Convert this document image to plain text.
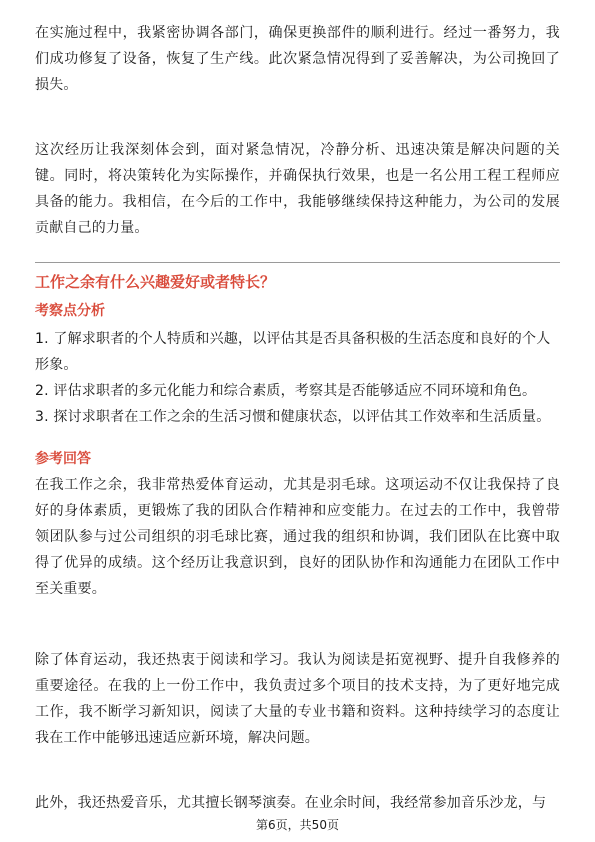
在实施过程中，我紧密协调各部门，确保更换部件的顺利进行。经过一番努力，我们成功修复了设备，恢复了生产线。此次紧急情况得到了妥善解决，为公司挽回了损失。

这次经历让我深刻体会到，面对紧急情况，冷静分析、迅速决策是解决问题的关键。同时，将决策转化为实际操作，并确保执行效果，也是一名公用工程工程师应具备的能力。我相信，在今后的工作中，我能够继续保持这种能力，为公司的发展贡献自己的力量。

工作之余有什么兴趣爱好或者特长？

考察点分析

1. 了解求职者的个人特质和兴趣，以评估其是否具备积极的生活态度和良好的个人形象。
2. 评估求职者的多元化能力和综合素质，考察其是否能够适应不同环境和角色。
3. 探讨求职者在工作之余的生活习惯和健康状态，以评估其工作效率和生活质量。

参考回答

在我工作之余，我非常热爱体育运动，尤其是羽毛球。这项运动不仅让我保持了良好的身体素质，更锻炼了我的团队合作精神和应变能力。在过去的工作中，我曾带领团队参与过公司组织的羽毛球比赛，通过我的组织和协调，我们团队在比赛中取得了优异的成绩。这个经历让我意识到，良好的团队协作和沟通能力在团队工作中至关重要。

除了体育运动，我还热衷于阅读和学习。我认为阅读是拓宽视野、提升自我修养的重要途径。在我的上一份工作中，我负责过多个项目的技术支持，为了更好地完成工作，我不断学习新知识，阅读了大量的专业书籍和资料。这种持续学习的态度让我在工作中能够迅速适应新环境，解决问题。

此外，我还热爱音乐，尤其擅长钢琴演奏。在业余时间，我经常参加音乐沙龙，与

第6页，共50页
